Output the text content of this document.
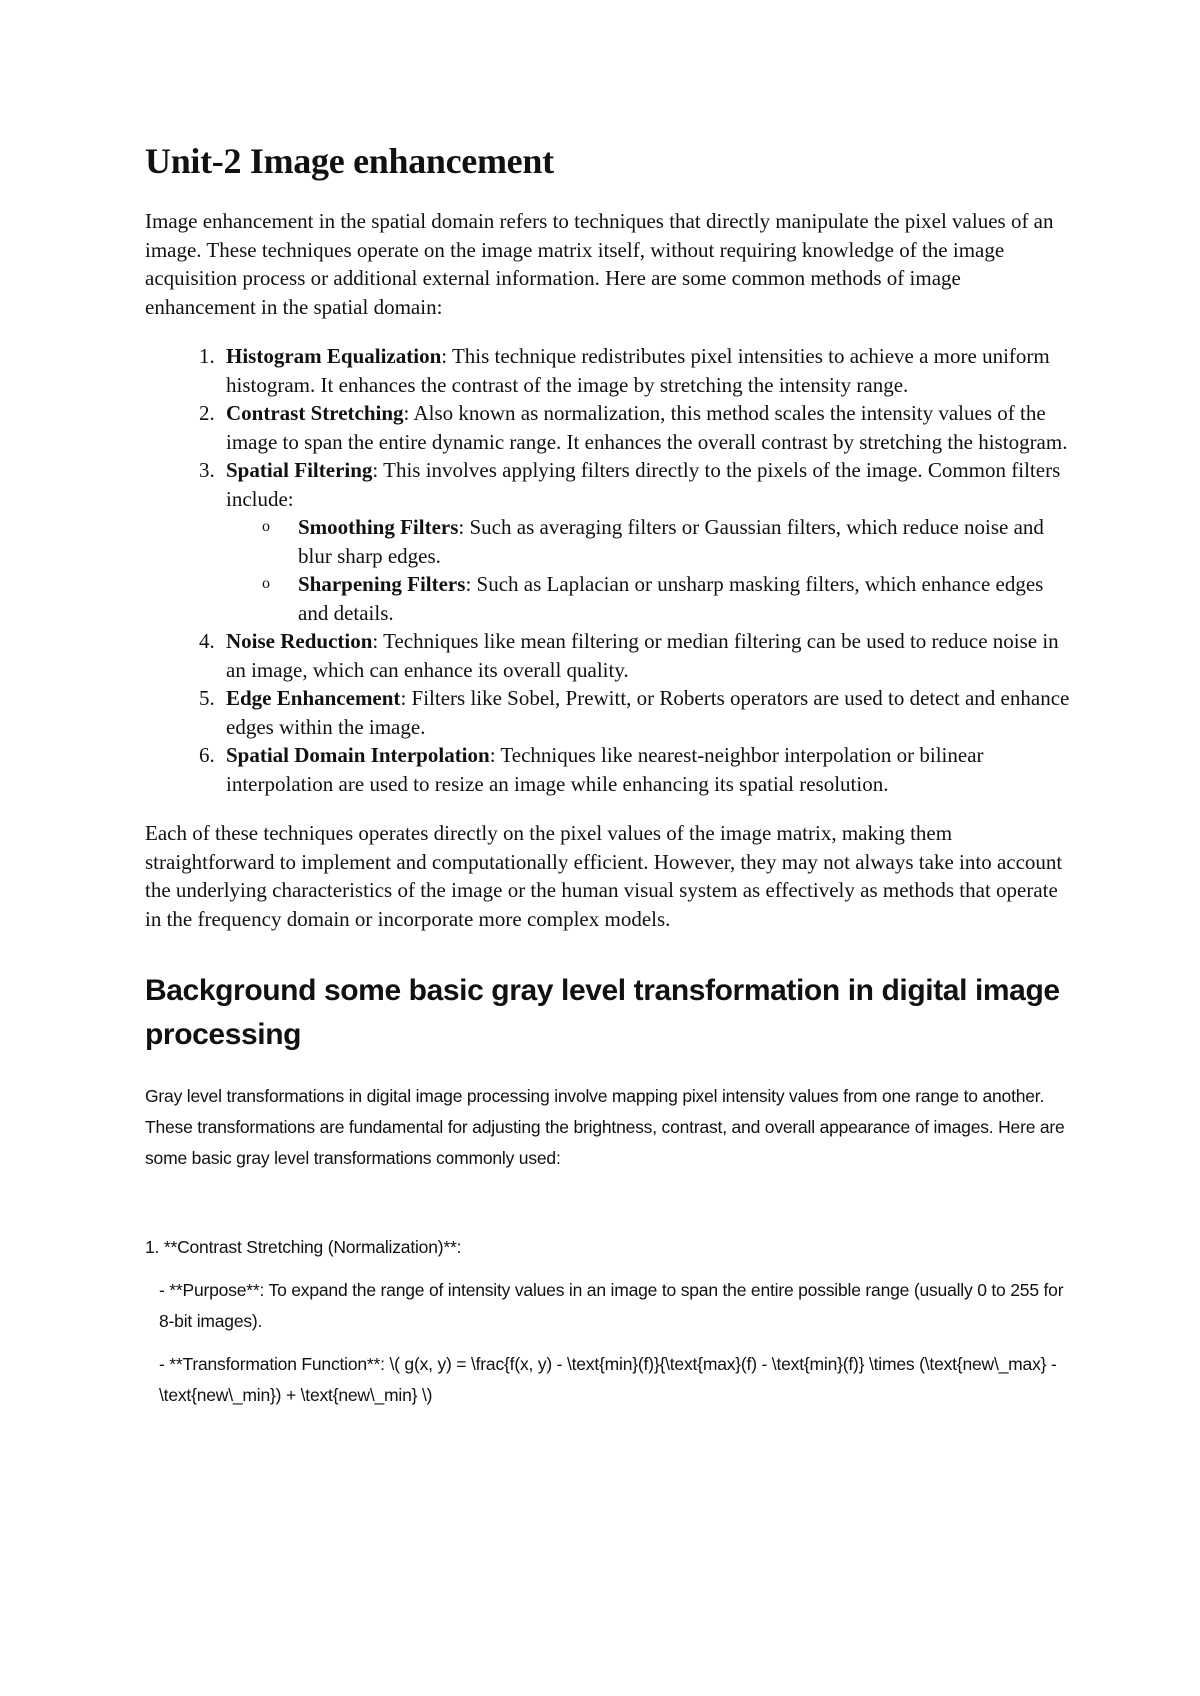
Unit-2 Image enhancement

Image enhancement in the spatial domain refers to techniques that directly manipulate the pixel values of an image. These techniques operate on the image matrix itself, without requiring knowledge of the image acquisition process or additional external information. Here are some common methods of image enhancement in the spatial domain:

1. Histogram Equalization: This technique redistributes pixel intensities to achieve a more uniform histogram. It enhances the contrast of the image by stretching the intensity range.
2. Contrast Stretching: Also known as normalization, this method scales the intensity values of the image to span the entire dynamic range. It enhances the overall contrast by stretching the histogram.
3. Spatial Filtering: This involves applying filters directly to the pixels of the image. Common filters include:
o Smoothing Filters: Such as averaging filters or Gaussian filters, which reduce noise and blur sharp edges.
o Sharpening Filters: Such as Laplacian or unsharp masking filters, which enhance edges and details.
4. Noise Reduction: Techniques like mean filtering or median filtering can be used to reduce noise in an image, which can enhance its overall quality.
5. Edge Enhancement: Filters like Sobel, Prewitt, or Roberts operators are used to detect and enhance edges within the image.
6. Spatial Domain Interpolation: Techniques like nearest-neighbor interpolation or bilinear interpolation are used to resize an image while enhancing its spatial resolution.

Each of these techniques operates directly on the pixel values of the image matrix, making them straightforward to implement and computationally efficient. However, they may not always take into account the underlying characteristics of the image or the human visual system as effectively as methods that operate in the frequency domain or incorporate more complex models.

Background some basic gray level transformation in digital image processing

Gray level transformations in digital image processing involve mapping pixel intensity values from one range to another. These transformations are fundamental for adjusting the brightness, contrast, and overall appearance of images. Here are some basic gray level transformations commonly used:

1. **Contrast Stretching (Normalization)**:

- **Purpose**: To expand the range of intensity values in an image to span the entire possible range (usually 0 to 255 for 8-bit images).

- **Transformation Function**: \( g(x, y) = \frac{f(x, y) - \text{min}(f)}{\text{max}(f) - \text{min}(f)} \times (\text{new\_max} - \text{new\_min}) + \text{new\_min} \)
